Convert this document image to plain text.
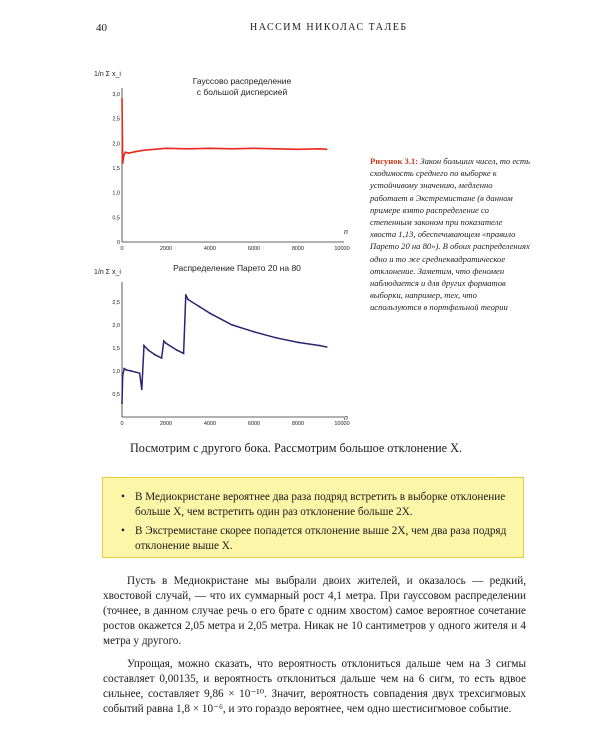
40	НАССИМ НИКОЛАС ТАЛЕБ
1/n Σ x_i
Гауссово распределение
с большой дисперсией
n
0	2000	4000	6000	8000	10000
0
0,5
1,0
1,5
2,0
2,5
3,0
1/n Σ x_i	Распределение Парето 20 на 80
n
0	2000	4000	6000	8000	10000
0,5
1,0
1,5
2,0
2,5
Рисунок 3.1: Закон больших чисел, то есть сходимость среднего по выборке к устойчивому значению, медленно работает в Экстремистане (в данном примере взято распределение со степенным законом при показателе хвоста 1,13, обеспечивающем «правило Парето 20 на 80»). В обоих распределениях одно и то же среднеквадратическое отклонение. Заметим, что феномен наблюдается и для других форматов выборки, например, тех, что используются в портфельной теории
Посмотрим с другого бока. Рассмотрим большое отклонение X.
• В Медиокристане вероятнее два раза подряд встретить в выборке отклонение больше X, чем встретить один раз отклонение больше 2X.
• В Экстремистане скорее попадется отклонение выше 2X, чем два раза подряд отклонение выше X.

Пусть в Медиокристане мы выбрали двоих жителей, и оказалось — редкий, хвостовой случай, — что их суммарный рост 4,1 метра. При гауссовом распределении (точнее, в данном случае речь о его брате с одним хвостом) самое вероятное сочетание ростов окажется 2,05 метра и 2,05 метра. Никак не 10 сантиметров у одного жителя и 4 метра у другого.

Упрощая, можно сказать, что вероятность отклониться дальше чем на 3 сигмы составляет 0,00135, и вероятность отклониться дальше чем на 6 сигм, то есть вдвое сильнее, составляет 9,86 × 10⁻¹⁰. Значит, вероятность совпадения двух трехсигмовых событий равна 1,8 × 10⁻⁶, и это гораздо вероятнее, чем одно шестисигмовое событие.
